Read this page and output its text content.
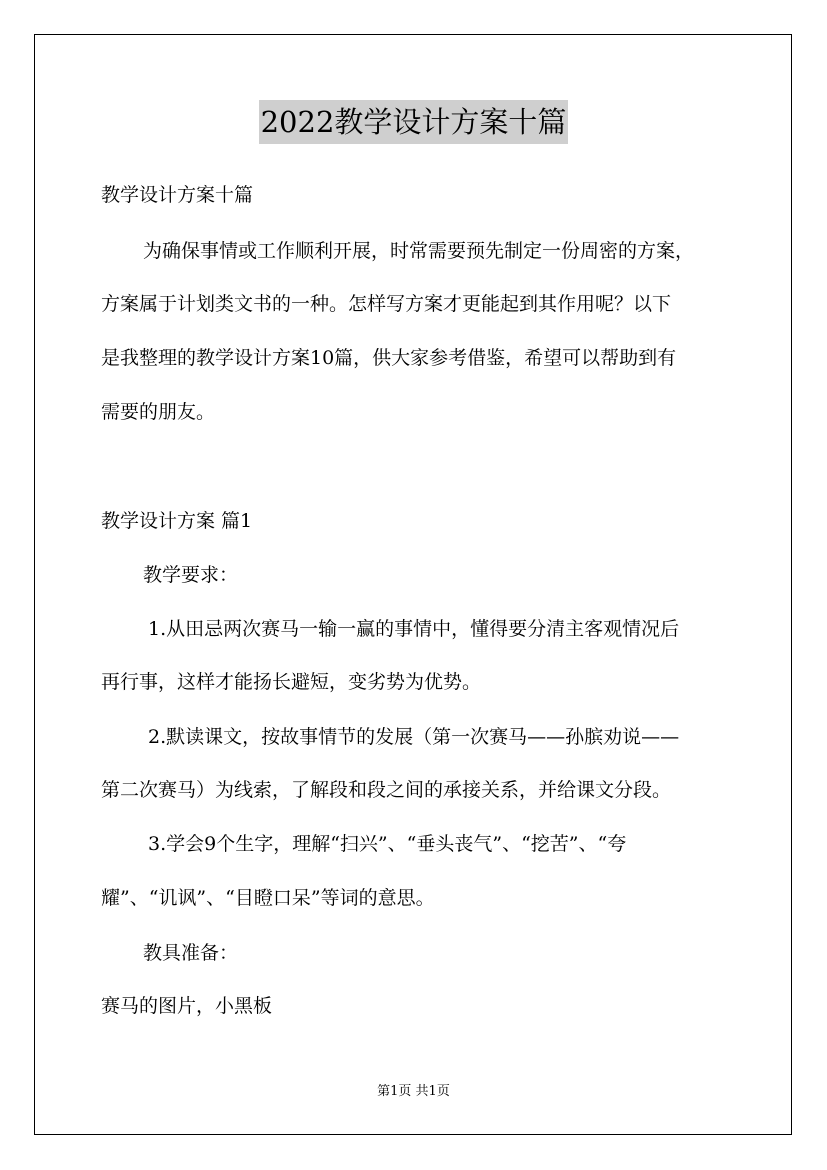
2022教学设计方案十篇
教学设计方案十篇
为确保事情或工作顺利开展，时常需要预先制定一份周密的方案，
方案属于计划类文书的一种。怎样写方案才更能起到其作用呢？以下
是我整理的教学设计方案10篇，供大家参考借鉴，希望可以帮助到有
需要的朋友。
教学设计方案 篇1
教学要求：
1.从田忌两次赛马一输一赢的事情中，懂得要分清主客观情况后
再行事，这样才能扬长避短，变劣势为优势。
2.默读课文，按故事情节的发展（第一次赛马——孙膑劝说——
第二次赛马）为线索，了解段和段之间的承接关系，并给课文分段。
3.学会9个生字，理解“扫兴”、“垂头丧气”、“挖苦”、“夸
耀”、“讥讽”、“目瞪口呆”等词的意思。
教具准备：
赛马的图片，小黑板
第1页 共1页
